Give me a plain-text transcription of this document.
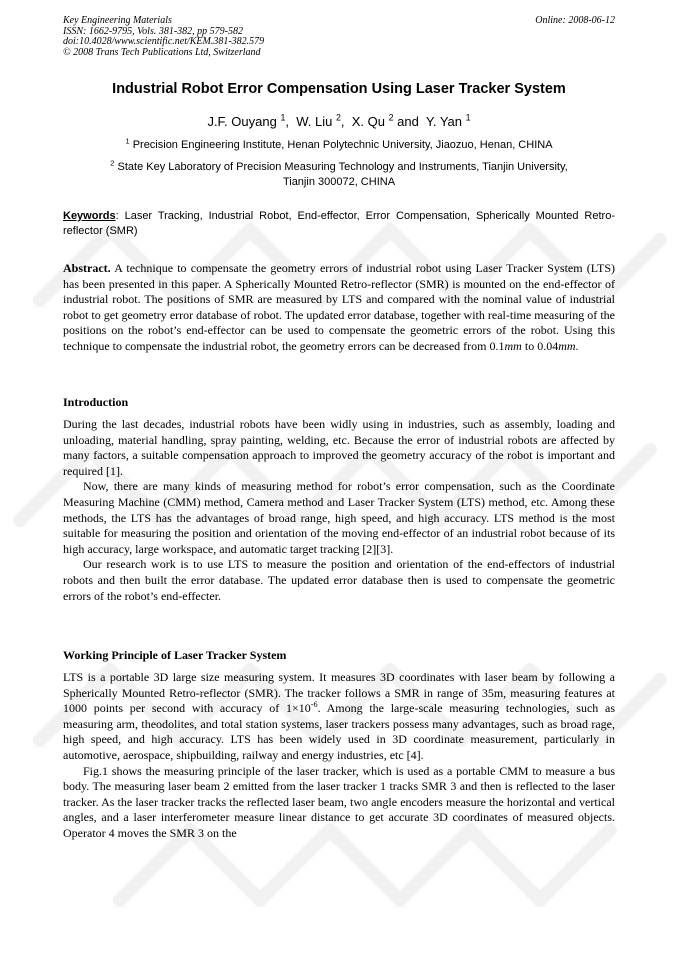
Key Engineering Materials
ISSN: 1662-9795, Vols. 381-382, pp 579-582
doi:10.4028/www.scientific.net/KEM.381-382.579
© 2008 Trans Tech Publications Ltd, Switzerland
Online: 2008-06-12
Industrial Robot Error Compensation Using Laser Tracker System
J.F. Ouyang $^1$,  W. Liu $^2$,  X. Qu $^2$ and  Y. Yan $^1$
$^1$ Precision Engineering Institute, Henan Polytechnic University, Jiaozuo, Henan, CHINA
$^2$ State Key Laboratory of Precision Measuring Technology and Instruments, Tianjin University,
Tianjin 300072, CHINA
Keywords: Laser Tracking, Industrial Robot, End-effector, Error Compensation, Spherically Mounted Retro-reflector (SMR)
Abstract. A technique to compensate the geometry errors of industrial robot using Laser Tracker System (LTS) has been presented in this paper. A Spherically Mounted Retro-reflector (SMR) is mounted on the end-effector of industrial robot. The positions of SMR are measured by LTS and compared with the nominal value of industrial robot to get geometry error database of robot. The updated error database, together with real-time measuring of the positions on the robot’s end-effector can be used to compensate the geometric errors of the robot. Using this technique to compensate the industrial robot, the geometry errors can be decreased from 0.1mm to 0.04mm.
Introduction

During the last decades, industrial robots have been widly using in industries, such as assembly, loading and unloading, material handling, spray painting, welding, etc. Because the error of industrial robots are affected by many factors, a suitable compensation approach to improved the geometry accuracy of the robot is important and required [1].

Now, there are many kinds of measuring method for robot’s error compensation, such as the Coordinate Measuring Machine (CMM) method, Camera method and Laser Tracker System (LTS) method, etc. Among these methods, the LTS has the advantages of broad range, high speed, and high accuracy. LTS method is the most suitable for measuring the position and orientation of the moving end-effector of an industrial robot because of its high accuracy, large workspace, and automatic target tracking [2][3].

Our research work is to use LTS to measure the position and orientation of the end-effectors of industrial robots and then built the error database. The updated error database then is used to compensate the geometric errors of the robot’s end-effecter.

Working Principle of Laser Tracker System

LTS is a portable 3D large size measuring system. It measures 3D coordinates with laser beam by following a Spherically Mounted Retro-reflector (SMR). The tracker follows a SMR in range of 35m, measuring features at 1000 points per second with accuracy of $1\times 10^{-6}$. Among the large-scale measuring technologies, such as measuring arm, theodolites, and total station systems, laser trackers possess many advantages, such as broad rage, high speed, and high accuracy. LTS has been widely used in 3D coordinate measurement, particularly in automotive, aerospace, shipbuilding, railway and energy industries, etc [4].

Fig.1 shows the measuring principle of the laser tracker, which is used as a portable CMM to measure a bus body. The measuring laser beam 2 emitted from the laser tracker 1 tracks SMR 3 and then is reflected to the laser tracker. As the laser tracker tracks the reflected laser beam, two angle encoders measure the horizontal and vertical angles, and a laser interferometer measure linear distance to get accurate 3D coordinates of measured objects. Operator 4 moves the SMR 3 on the
